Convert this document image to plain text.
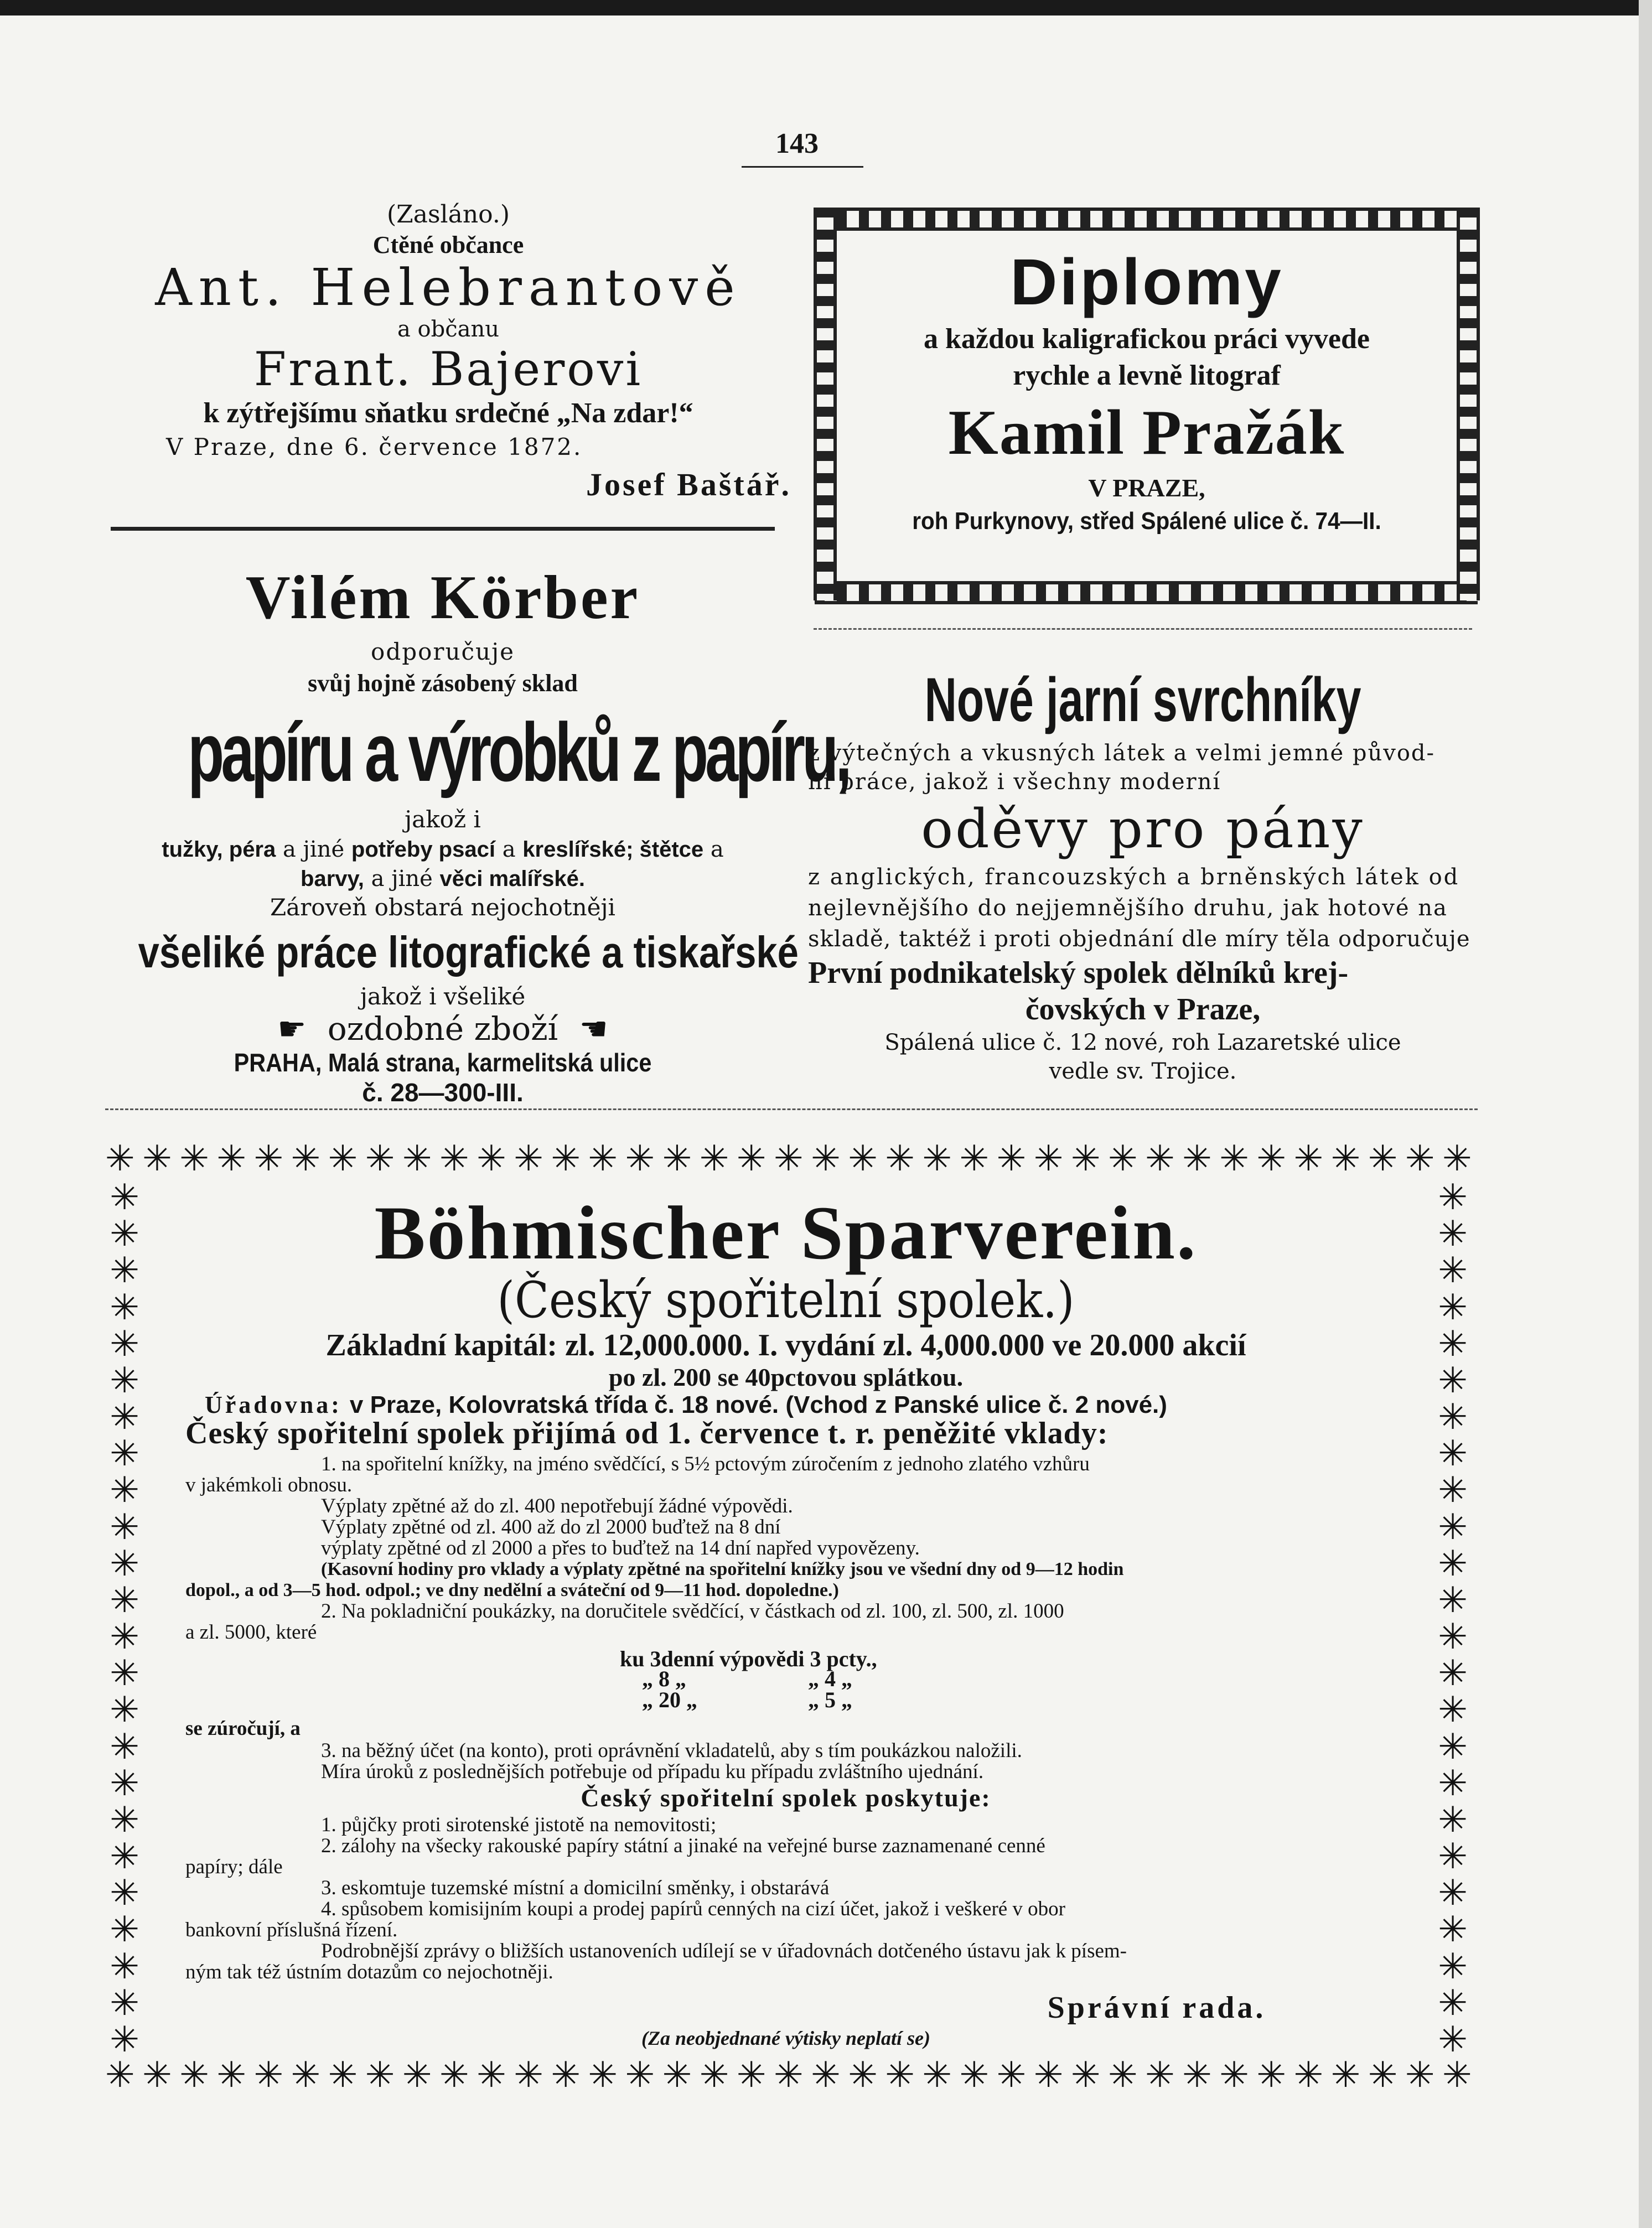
143
(Zasláno.)
Ctěné občance
Ant. Helebrantově
a občanu
Frant. Bajerovi
k zýtřejšímu sňatku srdečné „Na zdar!“
V Praze, dne 6. července 1872.
Josef Baštář.
Vilém Körber
odporučuje
svůj hojně zásobený sklad
papíru a výrobků z papíru,
jakož i
tužky, péra a jiné potřeby psací a kreslířské; štětce a
barvy, a jiné věci malířské.
Zároveň obstará nejochotněji
všeliké práce litografické a tiskařské
jakož i všeliké
☛ ozdobné zboží ☚
PRAHA, Malá strana, karmelitská ulice
č. 28—300-III.
Diplomy
a každou kaligrafickou práci vyvede
rychle a levně litograf
Kamil Pražák
V PRAZE,
roh Purkynovy, střed Spálené ulice č. 74—II.
Nové jarní svrchníky
z výtečných a vkusných látek a velmi jemné původ-
ní práce, jakož i všechny moderní
oděvy pro pány
z anglických, francouzských a brněnských látek od
nejlevnějšího do nejjemnějšího druhu, jak hotové na
skladě, taktéž i proti objednání dle míry těla odporučuje
První podnikatelský spolek dělníků krej-
čovských v Praze,
Spálená ulice č. 12 nové, roh Lazaretské ulice
vedle sv. Trojice.
✳ ✳ ✳ ✳ ✳ ✳ ✳ ✳ ✳ ✳ ✳ ✳ ✳ ✳ ✳ ✳ ✳ ✳ ✳ ✳ ✳ ✳ ✳ ✳ ✳ ✳ ✳ ✳ ✳ ✳ ✳ ✳ ✳ ✳ ✳ ✳ ✳
✳ ✳ ✳ ✳ ✳ ✳ ✳ ✳ ✳ ✳ ✳ ✳ ✳ ✳ ✳ ✳ ✳ ✳ ✳ ✳ ✳ ✳ ✳ ✳ ✳ ✳ ✳ ✳ ✳ ✳ ✳ ✳ ✳ ✳ ✳ ✳ ✳
✳
✳
✳
✳
✳
✳
✳
✳
✳
✳
✳
✳
✳
✳
✳
✳
✳
✳
✳
✳
✳
✳
✳
✳
✳
✳
✳
✳
✳
✳
✳
✳
✳
✳
✳
✳
✳
✳
✳
✳
✳
✳
✳
✳
✳
✳
✳
✳
Böhmischer Sparverein.
(Český spořitelní spolek.)
Základní kapitál: zl. 12,000.000. I. vydání zl. 4,000.000 ve 20.000 akcií
po zl. 200 se 40pctovou splátkou.
Úřadovna: v Praze, Kolovratská třída č. 18 nové. (Vchod z Panské ulice č. 2 nové.)
Český spořitelní spolek přijímá od 1. července t. r. peněžité vklady:
1. na spořitelní knížky, na jméno svědčící, s 5½ pctovým zúročením z jednoho zlatého vzhůru
v jakémkoli obnosu.
Výplaty zpětné až do zl. 400 nepotřebují žádné výpovědi.
Výplaty zpětné od zl. 400 až do zl 2000 buďtež na 8 dní
výplaty zpětné od zl 2000 a přes to buďtež na 14 dní napřed vypovězeny.
(Kasovní hodiny pro vklady a výplaty zpětné na spořitelní knížky jsou ve všední dny od 9—12 hodin
dopol., a od 3—5 hod. odpol.; ve dny nedělní a sváteční od 9—11 hod. dopoledne.)
2. Na pokladniční poukázky, na doručitele svědčící, v částkach od zl. 100, zl. 500, zl. 1000
a zl. 5000, které
ku 3denní výpovědi 3 pcty.,
„ 8 „	„ 4 „
„ 20 „	„ 5 „
se zúročují, a
3. na běžný účet (na konto), proti oprávnění vkladatelů, aby s tím poukázkou naložili.
Míra úroků z poslednějších potřebuje od případu ku případu zvláštního ujednání.
Český spořitelní spolek poskytuje:
1. půjčky proti sirotenské jistotě na nemovitosti;
2. zálohy na všecky rakouské papíry státní a jinaké na veřejné burse zaznamenané cenné
papíry; dále
3. eskomtuje tuzemské místní a domicilní směnky, i obstarává
4. spůsobem komisijním koupi a prodej papírů cenných na cizí účet, jakož i veškeré v obor
bankovní příslušná řízení.
Podrobnější zprávy o bližších ustanoveních udílejí se v úřadovnách dotčeného ústavu jak k písem-
ným tak též ústním dotazům co nejochotněji.
Správní rada.
(Za neobjednané výtisky neplatí se)
